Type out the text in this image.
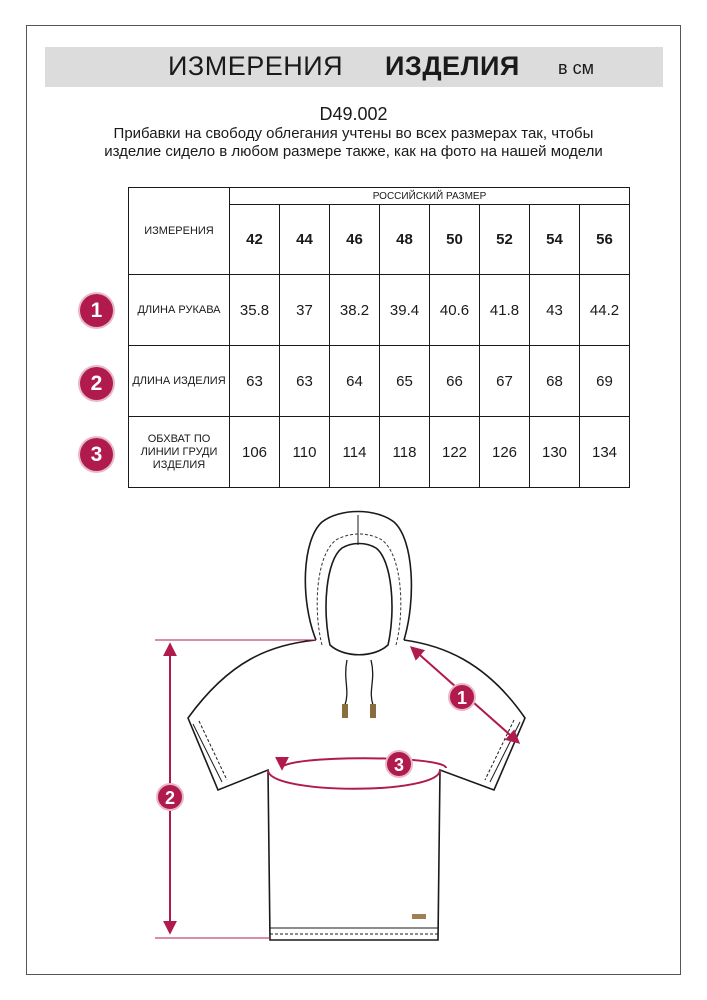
ИЗМЕРЕНИЯ ИЗДЕЛИЯ в см
D49.002
Прибавки на свободу облегания учтены во всех размерах так, чтобы изделие сидело в любом размере также, как на фото на нашей модели
ИЗМЕРЕНИЯ	РОССИЙСКИЙ РАЗМЕР							
	42	44	46	48	50	52	54	56
ДЛИНА РУКАВА	35.8	37	38.2	39.4	40.6	41.8	43	44.2
ДЛИНА ИЗДЕЛИЯ	63	63	64	65	66	67	68	69
ОБХВАТ ПО ЛИНИИ ГРУДИ ИЗДЕЛИЯ	106	110	114	118	122	126	130	134
1
2
3
1
2
3
